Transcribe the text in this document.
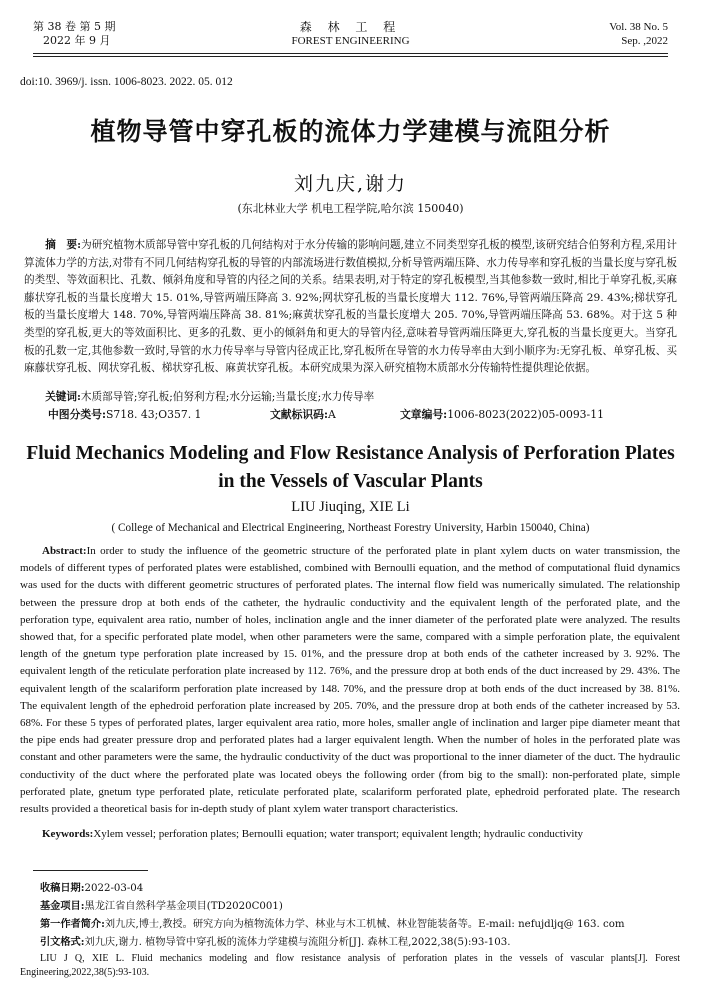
第 38 卷 第 5 期
2022 年 9 月
森 林 工 程
FOREST ENGINEERING
Vol. 38 No. 5
Sep. ,2022
doi:10. 3969/j. issn. 1006-8023. 2022. 05. 012
植物导管中穿孔板的流体力学建模与流阻分析
刘九庆,谢力
(东北林业大学 机电工程学院,哈尔滨 150040)
摘　要:为研究植物木质部导管中穿孔板的几何结构对于水分传输的影响问题,建立不同类型穿孔板的模型,该研究结合伯努利方程,采用计算流体力学的方法,对带有不同几何结构穿孔板的导管的内部流场进行数值模拟,分析导管两端压降、水力传导率和穿孔板的当量长度与穿孔板的类型、等效面积比、孔数、倾斜角度和导管的内径之间的关系。结果表明,对于特定的穿孔板模型,当其他参数一致时,相比于单穿孔板,买麻藤状穿孔板的当量长度增大 15. 01%,导管两端压降高 3. 92%;网状穿孔板的当量长度增大 112. 76%,导管两端压降高 29. 43%;梯状穿孔板的当量长度增大 148. 70%,导管两端压降高 38. 81%;麻黄状穿孔板的当量长度增大 205. 70%,导管两端压降高 53. 68%。对于这 5 种类型的穿孔板,更大的等效面积比、更多的孔数、更小的倾斜角和更大的导管内径,意味着导管两端压降更大,穿孔板的当量长度更大。当穿孔板的孔数一定,其他参数一致时,导管的水力传导率与导管内径成正比,穿孔板所在导管的水力传导率由大到小顺序为:无穿孔板、单穿孔板、买麻藤状穿孔板、网状穿孔板、梯状穿孔板、麻黄状穿孔板。本研究成果为深入研究植物木质部水分传输特性提供理论依据。
关键词:木质部导管;穿孔板;伯努利方程;水分运输;当量长度;水力传导率
中图分类号:S718. 43;O357. 1	文献标识码:A	文章编号:1006-8023(2022)05-0093-11
Fluid Mechanics Modeling and Flow Resistance Analysis of Perforation Plates in the Vessels of Vascular Plants
LIU Jiuqing, XIE Li
( College of Mechanical and Electrical Engineering, Northeast Forestry University, Harbin 150040, China)
Abstract:In order to study the influence of the geometric structure of the perforated plate in plant xylem ducts on water transmission, the models of different types of perforated plates were established, combined with Bernoulli equation, and the method of computational fluid dynamics was used for the ducts with different geometric structures of perforated plates. The internal flow field was numerically simulated. The relationship between the pressure drop at both ends of the catheter, the hydraulic conductivity and the equivalent length of the perforated plate, and the perforation type, equivalent area ratio, number of holes, inclination angle and the inner diameter of the perforated plate were analyzed. The results showed that, for a specific perforated plate model, when other parameters were the same, compared with a simple perforation plate, the equivalent length of the gnetum type perforation plate increased by 15. 01%, and the pressure drop at both ends of the catheter increased by 3. 92%. The equivalent length of the reticulate perforation plate increased by 112. 76%, and the pressure drop at both ends of the duct increased by 29. 43%. The equivalent length of the scalariform perforation plate increased by 148. 70%, and the pressure drop at both ends of the duct increased by 38. 81%. The equivalent length of the ephedroid perforation plate increased by 205. 70%, and the pressure drop at both ends of the catheter increased by 53. 68%. For these 5 types of perforated plates, larger equivalent area ratio, more holes, smaller angle of inclination and larger pipe diameter meant that the pipe ends had greater pressure drop and perforated plates had a larger equivalent length. When the number of holes in the perforated plate was constant and other parameters were the same, the hydraulic conductivity of the duct was proportional to the inner diameter of the duct. The hydraulic conductivity of the duct where the perforated plate was located obeys the following order (from big to the small): non-perforated plate, simple perforated plate, gnetum type perforated plate, reticulate perforated plate, scalariform perforated plate, ephedroid perforated plate. The research results provided a theoretical basis for in-depth study of plant xylem water transport characteristics.
Keywords:Xylem vessel; perforation plates; Bernoulli equation; water transport; equivalent length; hydraulic conductivity
收稿日期:2022-03-04
基金项目:黑龙江省自然科学基金项目(TD2020C001)
第一作者简介:刘九庆,博士,教授。研究方向为植物流体力学、林业与木工机械、林业智能装备等。E-mail: nefujdljq@ 163. com
引文格式:刘九庆,谢力. 植物导管中穿孔板的流体力学建模与流阻分析[J]. 森林工程,2022,38(5):93-103.
LIU J Q, XIE L. Fluid mechanics modeling and flow resistance analysis of perforation plates in the vessels of vascular plants[J]. Forest Engineering,2022,38(5):93-103.
